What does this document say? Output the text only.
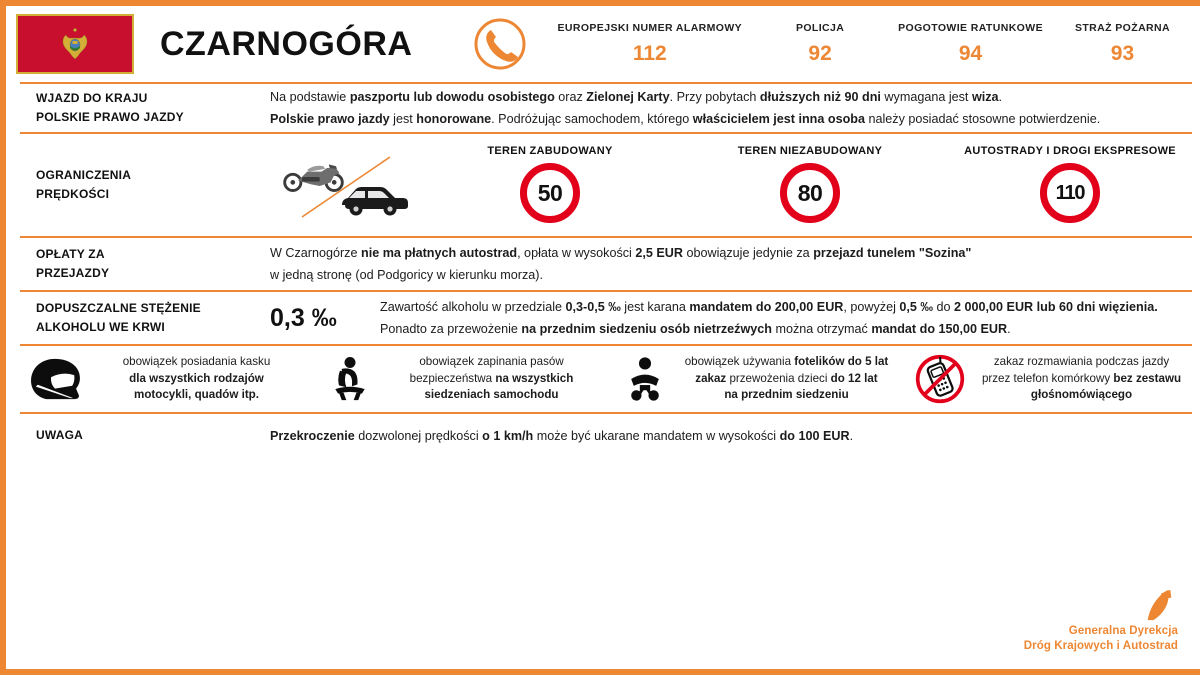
CZARNOGÓRA	EUROPEJSKI NUMER ALARMOWY
112
POLICJA
92
POGOTOWIE RATUNKOWE
94
STRAŻ POŻARNA
93
WJAZD DO KRAJU
POLSKIE PRAWO JAZDY
Na podstawie paszportu lub dowodu osobistego oraz Zielonej Karty. Przy pobytach dłuższych niż 90 dni wymagana jest wiza.
Polskie prawo jazdy jest honorowane. Podróżując samochodem, którego właścicielem jest inna osoba należy posiadać stosowne potwierdzenie.
OGRANICZENIA
PRĘDKOŚCI
TEREN ZABUDOWANY
50
TEREN NIEZABUDOWANY
80
AUTOSTRADY I DROGI EKSPRESOWE
110
OPŁATY ZA
PRZEJAZDY
W Czarnogórze nie ma płatnych autostrad, opłata w wysokości 2,5 EUR obowiązuje jedynie za przejazd tunelem "Sozina"
w jedną stronę (od Podgoricy w kierunku morza).
DOPUSZCZALNE STĘŻENIE
ALKOHOLU WE KRWI	0,3 ‰	Zawartość alkoholu w przedziale 0,3-0,5 ‰ jest karana mandatem do 200,00 EUR, powyżej 0,5 ‰ do 2 000,00 EUR lub 60 dni więzienia.
Ponadto za przewożenie na przednim siedzeniu osób nietrzeźwych można otrzymać mandat do 150,00 EUR.
obowiązek posiadania kasku
dla wszystkich rodzajów
motocykli, quadów itp.
obowiązek zapinania pasów
bezpieczeństwa na wszystkich
siedzeniach samochodu
obowiązek używania fotelików do 5 lat
zakaz przewożenia dzieci do 12 lat
na przednim siedzeniu
zakaz rozmawiania podczas jazdy
przez telefon komórkowy bez zestawu
głośnomówiącego
UWAGA	Przekroczenie dozwolonej prędkości o 1 km/h może być ukarane mandatem w wysokości do 100 EUR.
Generalna Dyrekcja
Dróg Krajowych i Autostrad
